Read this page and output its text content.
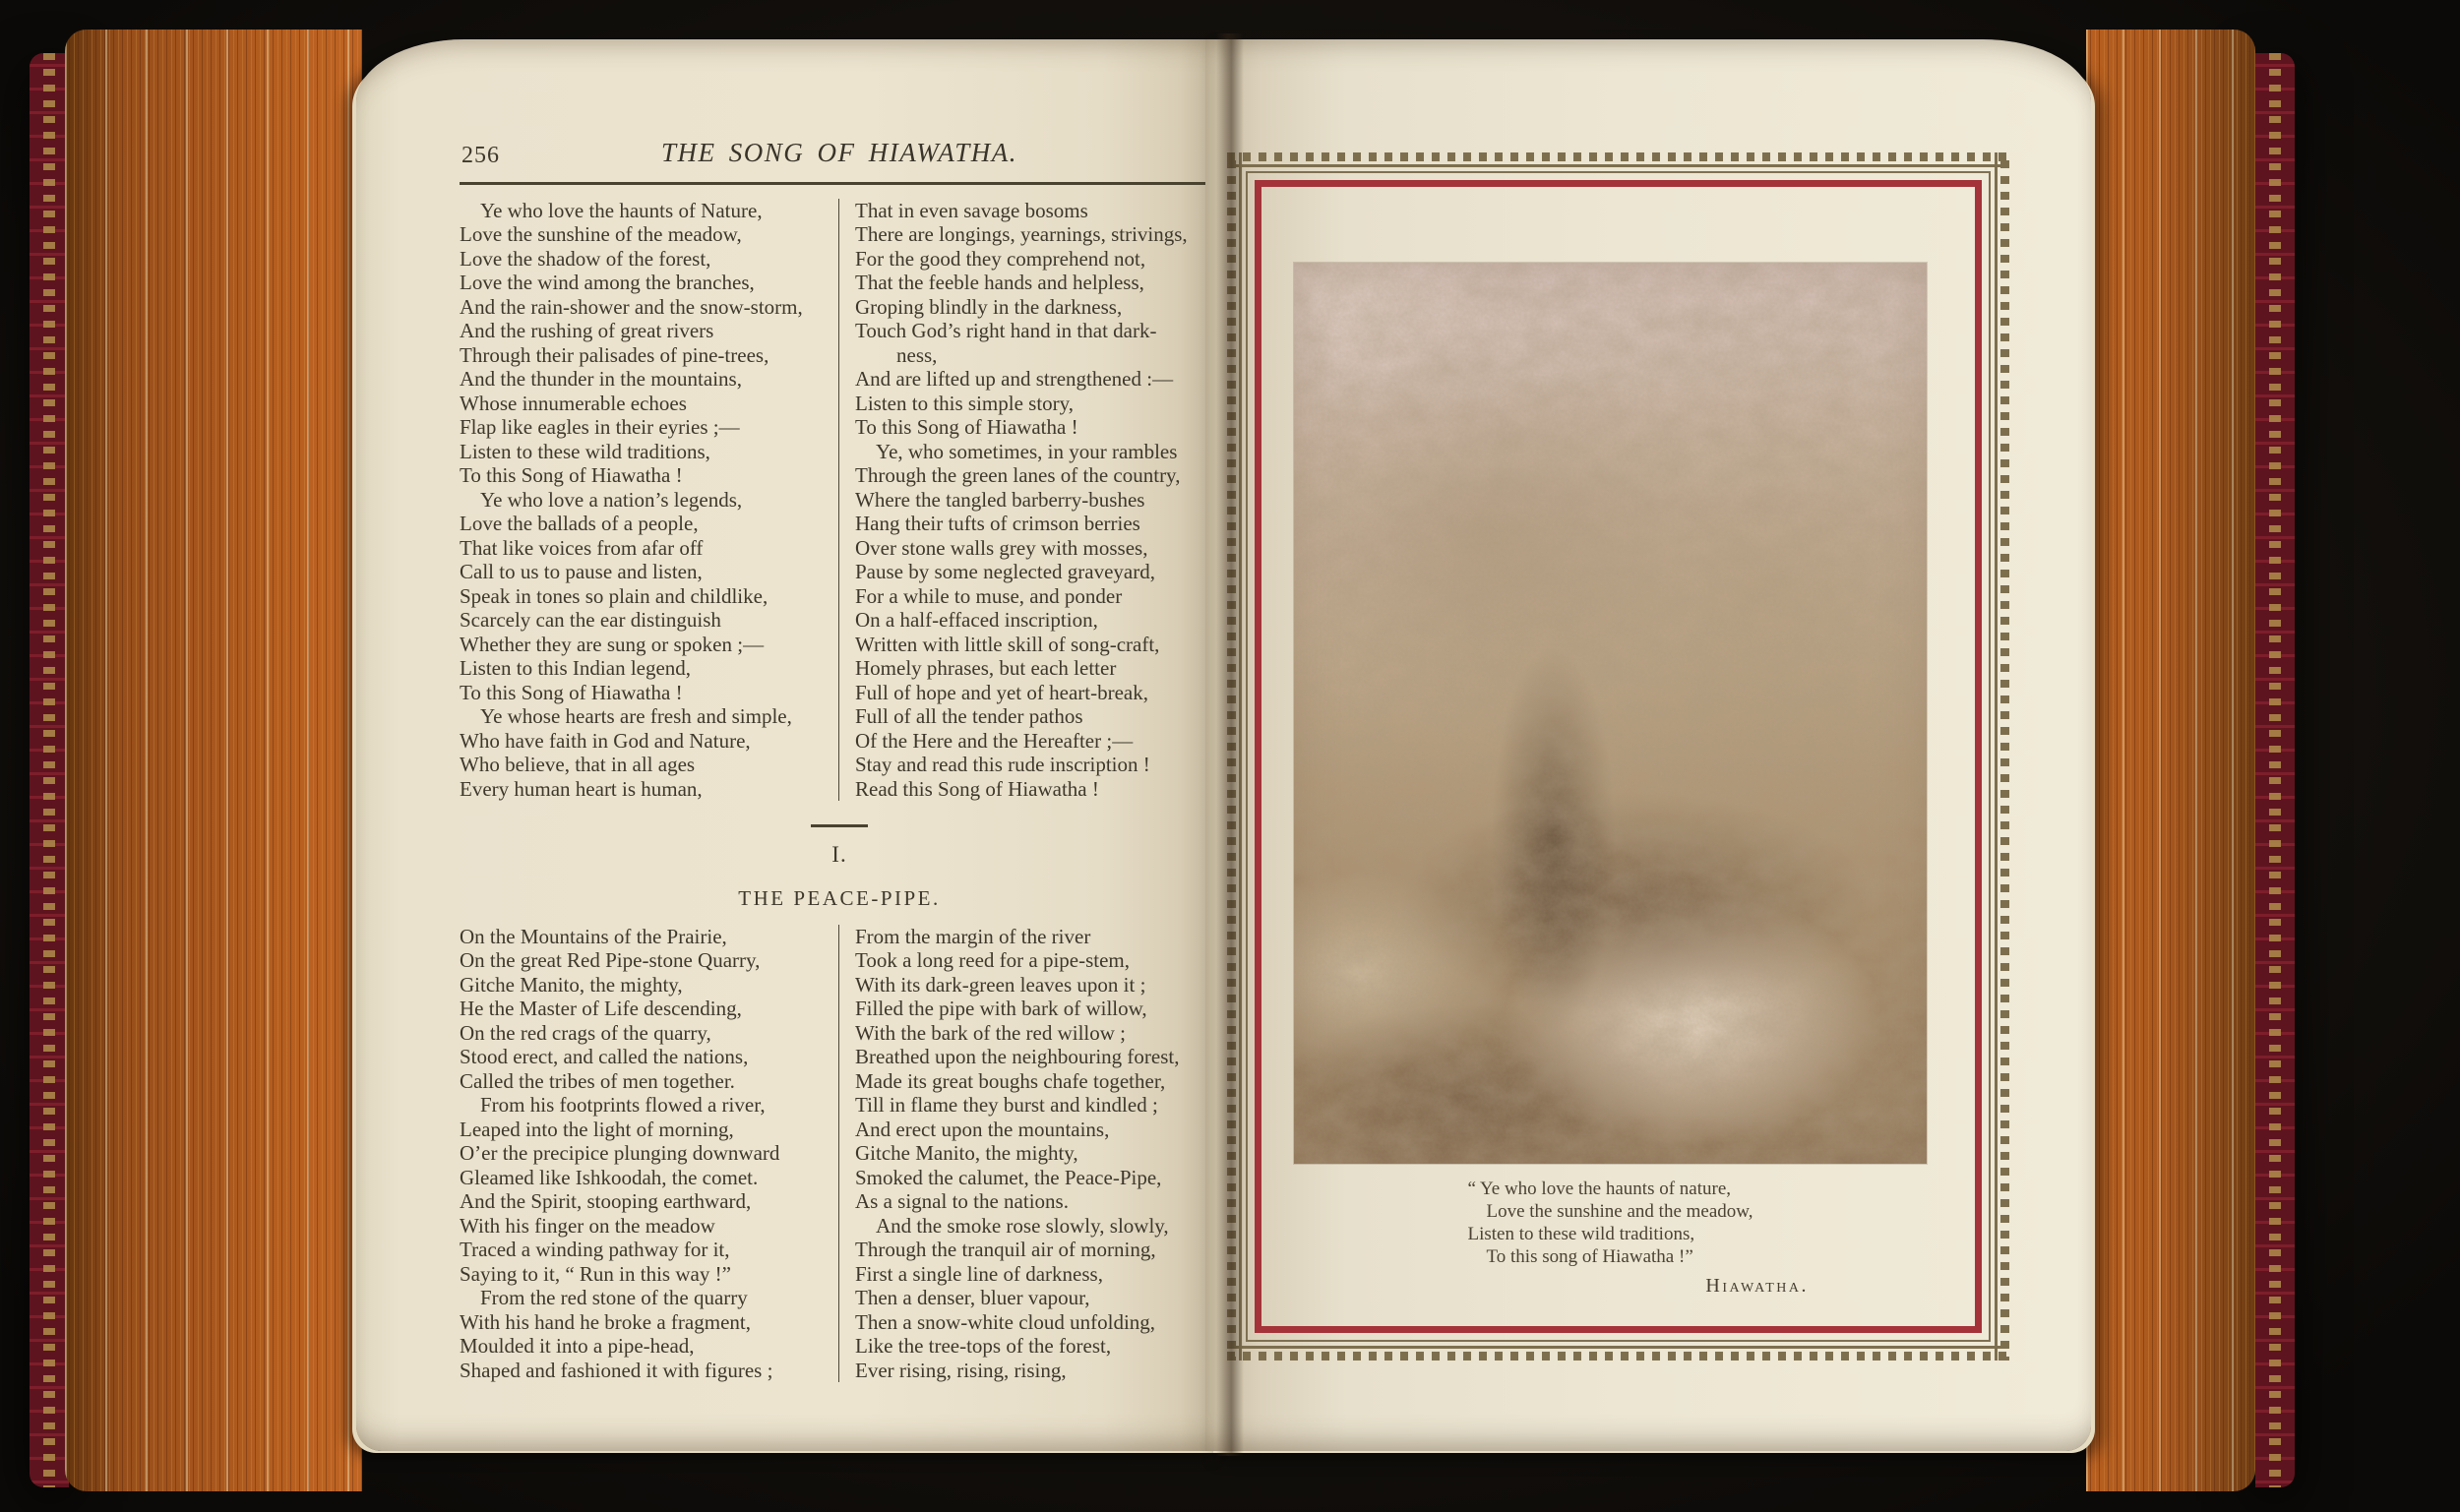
256	THE SONG OF HIAWATHA.
 Ye who love the haunts of Nature,
Love the sunshine of the meadow,
Love the shadow of the forest,
Love the wind among the branches,
And the rain-shower and the snow-storm,
And the rushing of great rivers
Through their palisades of pine-trees,
And the thunder in the mountains,
Whose innumerable echoes
Flap like eagles in their eyries ;—
Listen to these wild traditions,
To this Song of Hiawatha !
 Ye who love a nation’s legends,
Love the ballads of a people,
That like voices from afar off
Call to us to pause and listen,
Speak in tones so plain and childlike,
Scarcely can the ear distinguish
Whether they are sung or spoken ;—
Listen to this Indian legend,
To this Song of Hiawatha !
 Ye whose hearts are fresh and simple,
Who have faith in God and Nature,
Who believe, that in all ages
Every human heart is human,
That in even savage bosoms
There are longings, yearnings, strivings,
For the good they comprehend not,
That the feeble hands and helpless,
Groping blindly in the darkness,
Touch God’s right hand in that dark-
  ness,
And are lifted up and strengthened :—
Listen to this simple story,
To this Song of Hiawatha !
 Ye, who sometimes, in your rambles
Through the green lanes of the country,
Where the tangled barberry-bushes
Hang their tufts of crimson berries
Over stone walls grey with mosses,
Pause by some neglected graveyard,
For a while to muse, and ponder
On a half-effaced inscription,
Written with little skill of song-craft,
Homely phrases, but each letter
Full of hope and yet of heart-break,
Full of all the tender pathos
Of the Here and the Hereafter ;—
Stay and read this rude inscription !
Read this Song of Hiawatha !
I.
THE PEACE-PIPE.
On the Mountains of the Prairie,
On the great Red Pipe-stone Quarry,
Gitche Manito, the mighty,
He the Master of Life descending,
On the red crags of the quarry,
Stood erect, and called the nations,
Called the tribes of men together.
 From his footprints flowed a river,
Leaped into the light of morning,
O’er the precipice plunging downward
Gleamed like Ishkoodah, the comet.
And the Spirit, stooping earthward,
With his finger on the meadow
Traced a winding pathway for it,
Saying to it, “ Run in this way !”
 From the red stone of the quarry
With his hand he broke a fragment,
Moulded it into a pipe-head,
Shaped and fashioned it with figures ;
From the margin of the river
Took a long reed for a pipe-stem,
With its dark-green leaves upon it ;
Filled the pipe with bark of willow,
With the bark of the red willow ;
Breathed upon the neighbouring forest,
Made its great boughs chafe together,
Till in flame they burst and kindled ;
And erect upon the mountains,
Gitche Manito, the mighty,
Smoked the calumet, the Peace-Pipe,
As a signal to the nations.
 And the smoke rose slowly, slowly,
Through the tranquil air of morning,
First a single line of darkness,
Then a denser, bluer vapour,
Then a snow-white cloud unfolding,
Like the tree-tops of the forest,
Ever rising, rising, rising,
“ Ye who love the haunts of nature,
  Love the sunshine and the meadow,
Listen to these wild traditions,
  To this song of Hiawatha !”
Hiawatha.
